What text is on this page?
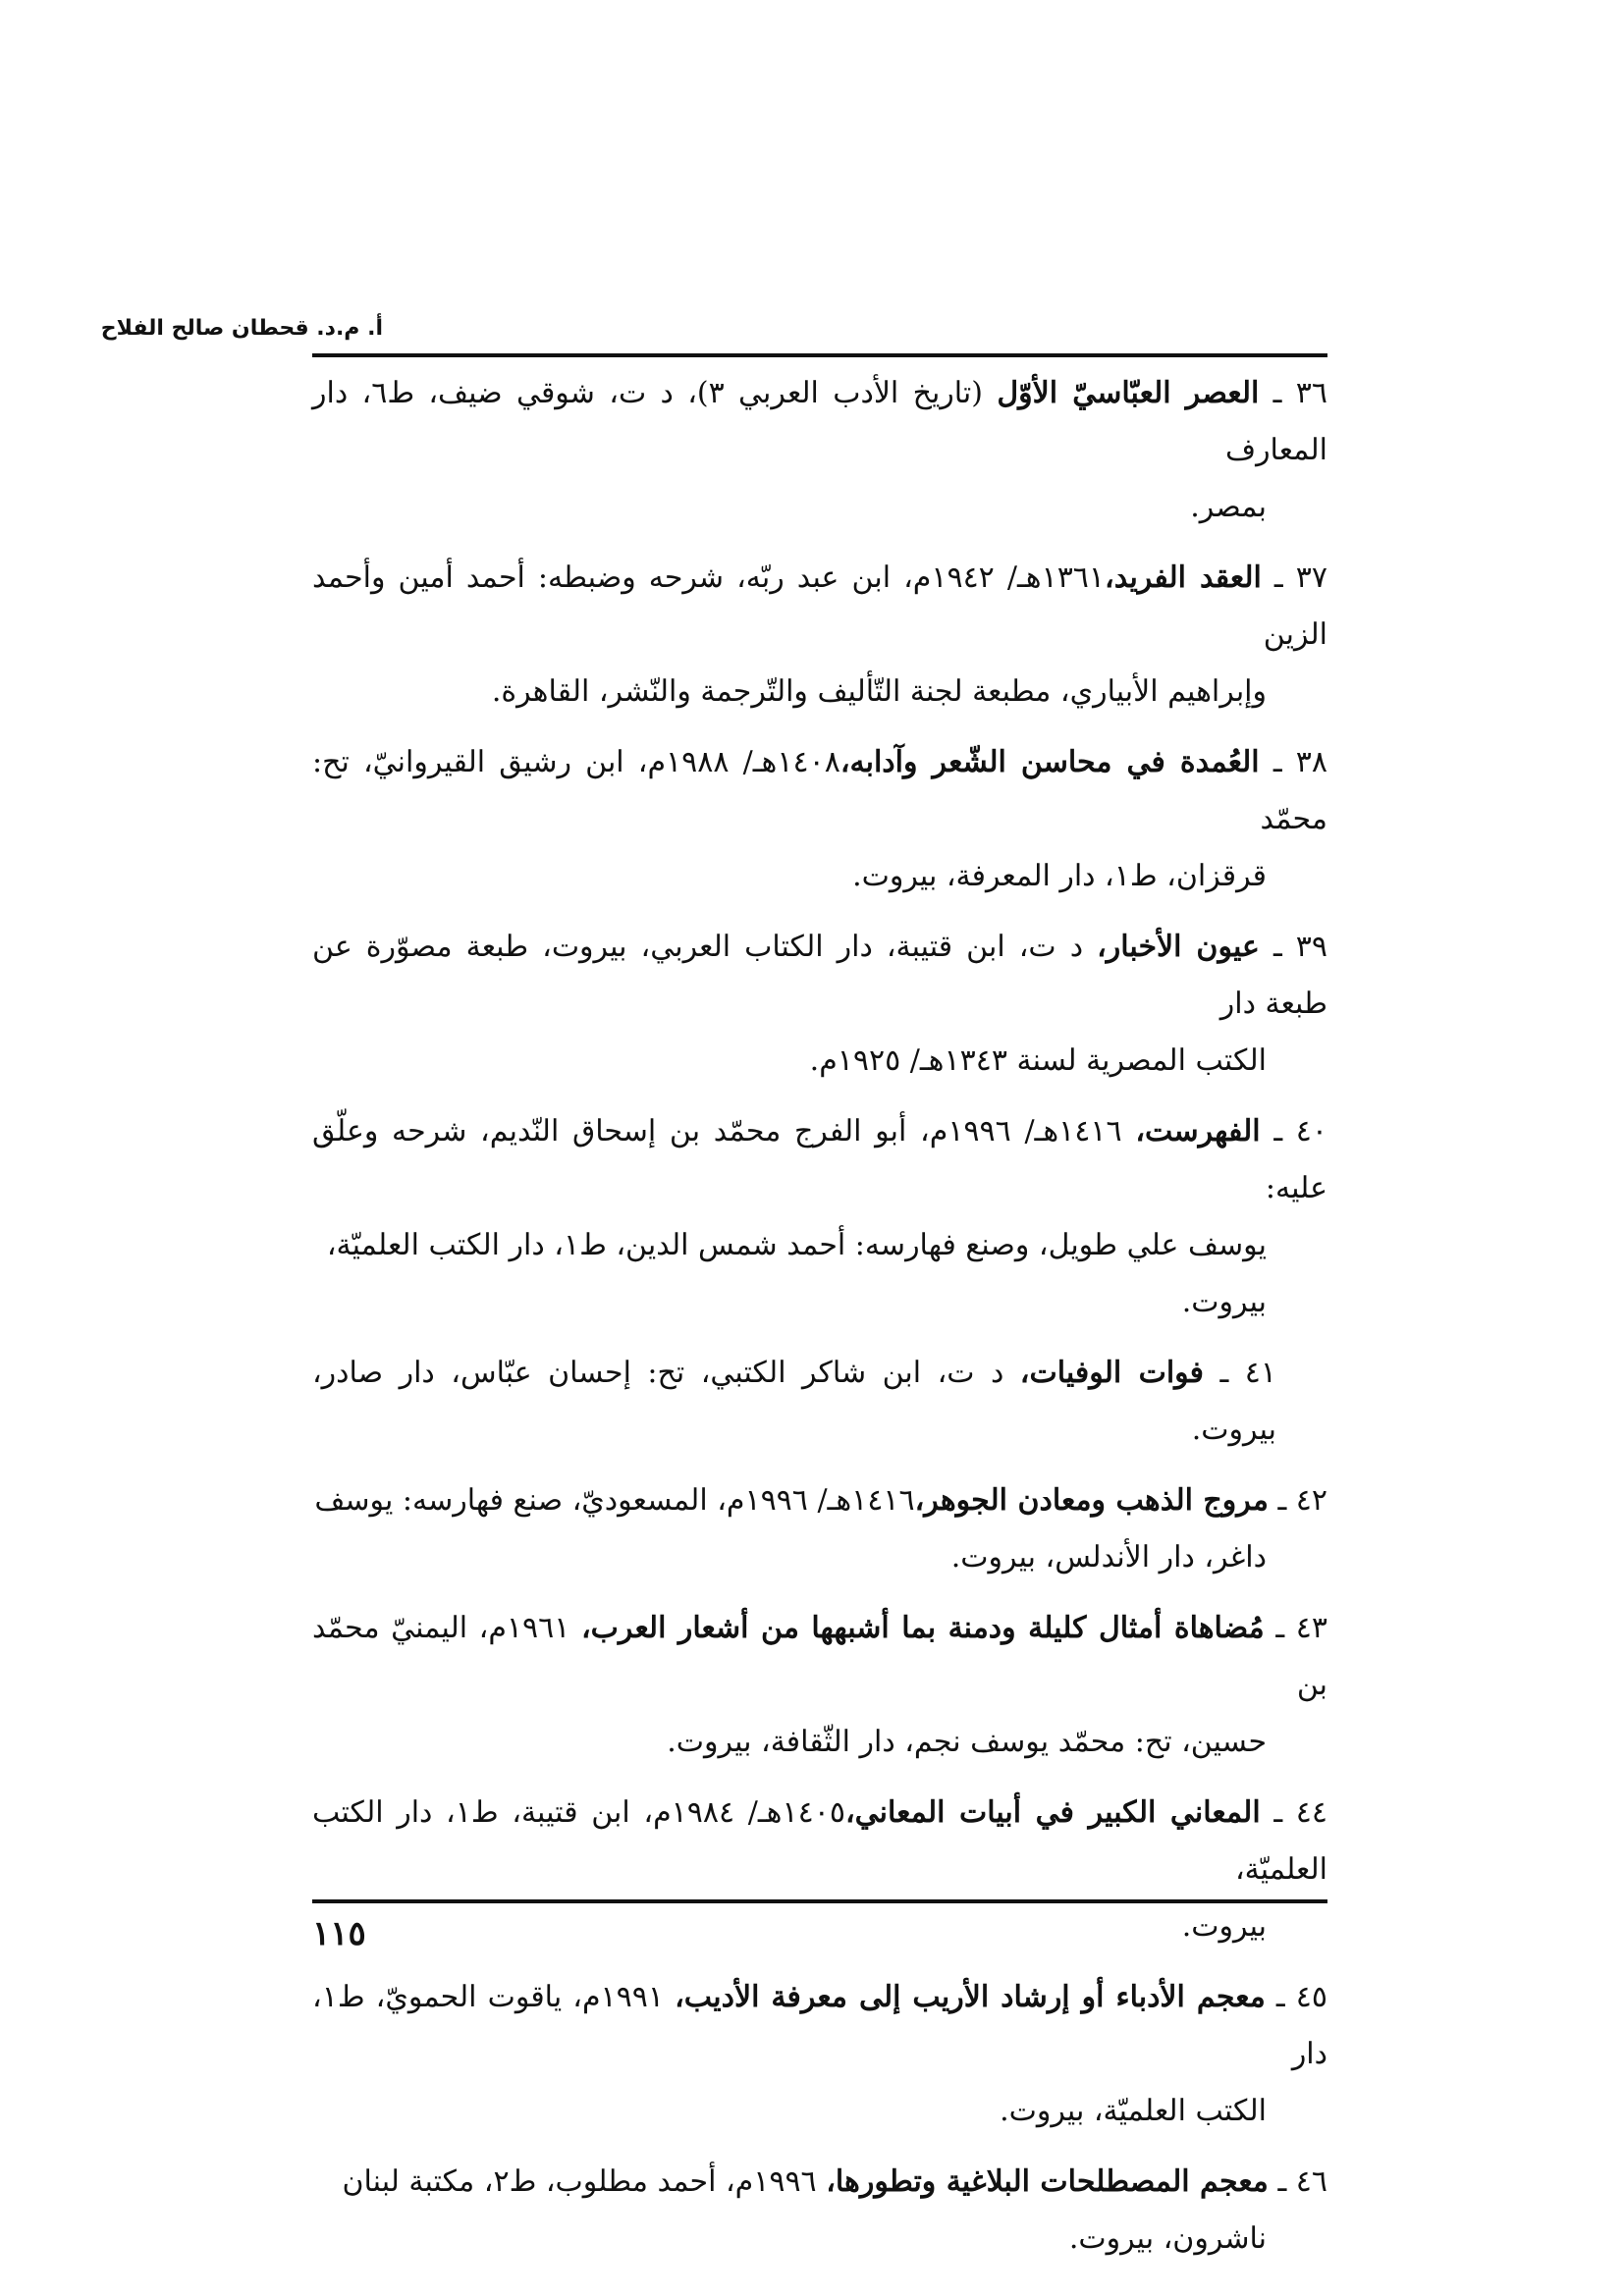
أ. م.د. قحطان صالح الفلاح
٣٦ ـ العصر العبّاسيّ الأوّل (تاريخ الأدب العربي ٣)، د ت، شوقي ضيف، ط٦، دار المعارف
بمصر.
٣٧ ـ العقد الفريد،١٣٦١هـ/ ١٩٤٢م، ابن عبد ربّه، شرحه وضبطه: أحمد أمين وأحمد الزين
وإبراهيم الأبياري، مطبعة لجنة التّأليف والتّرجمة والنّشر، القاهرة.
٣٨ ـ العُمدة في محاسن الشّعر وآدابه،١٤٠٨هـ/ ١٩٨٨م، ابن رشيق القيروانيّ، تح: محمّد
قرقزان، ط١، دار المعرفة، بيروت.
٣٩ ـ عيون الأخبار، د ت، ابن قتيبة، دار الكتاب العربي، بيروت، طبعة مصوّرة عن طبعة دار
الكتب المصرية لسنة ١٣٤٣هـ/ ١٩٢٥م.
٤٠ ـ الفهرست، ١٤١٦هـ/ ١٩٩٦م، أبو الفرج محمّد بن إسحاق النّديم، شرحه وعلّق عليه:
يوسف علي طويل، وصنع فهارسه: أحمد شمس الدين، ط١، دار الكتب العلميّة،
بيروت.
٤١ ـ فوات الوفيات، د ت، ابن شاكر الكتبي، تح: إحسان عبّاس، دار صادر، بيروت.
٤٢ ـ مروج الذهب ومعادن الجوهر،١٤١٦هـ/ ١٩٩٦م، المسعوديّ، صنع فهارسه: يوسف
داغر، دار الأندلس، بيروت.
٤٣ ـ مُضاهاة أمثال كليلة ودمنة بما أشبهها من أشعار العرب، ١٩٦١م، اليمنيّ محمّد بن
حسين، تح: محمّد يوسف نجم، دار الثّقافة، بيروت.
٤٤ ـ المعاني الكبير في أبيات المعاني،١٤٠٥هـ/ ١٩٨٤م، ابن قتيبة، ط١، دار الكتب العلميّة،
بيروت.
٤٥ ـ معجم الأدباء أو إرشاد الأريب إلى معرفة الأديب، ١٩٩١م، ياقوت الحمويّ، ط١، دار
الكتب العلميّة، بيروت.
٤٦ ـ معجم المصطلحات البلاغية وتطورها، ١٩٩٦م، أحمد مطلوب، ط٢، مكتبة لبنان
ناشرون، بيروت.
١١٥
